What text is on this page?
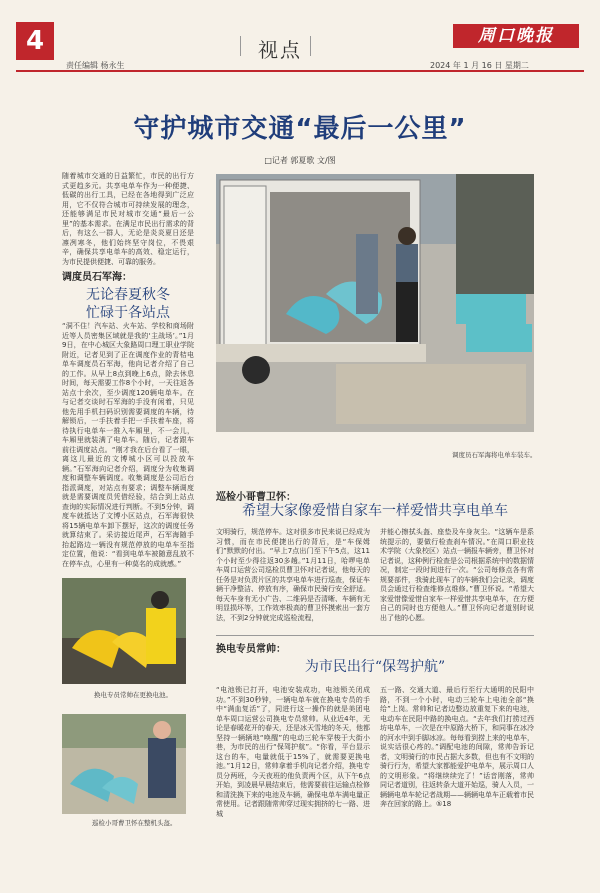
4	视点
周口晚报
责任编辑 杨永生	2024 年 1 月 16 日 星期二
守护城市交通“最后一公里”
□记者 郭夏歌 文/图

随着城市交通的日益繁忙，市民的出行方式更趋多元。共享电单车作为一种便捷、低碳的出行工具，已经在各地得到广泛应用，它不仅符合城市可持续发展的理念，还能够满足市民对城市交通“最后一公里”的基本需求。在满足市民出行需求的背后，有这么一群人，无论是炎炎夏日还是凛冽寒冬，他们始终坚守岗位，不畏艰辛，确保共享电单车的高效、稳定运行，为市民提供便捷、可靠的服务。

调度员石军海：
无论春夏秋冬
忙碌于各站点

“洞不住！汽车站、火车站、学校和商场附近等人员密集区域就是我的‘主战场’。”1月9日，在中心城区大象路周口理工职业学院附近，记者见到了正在调度作业的青桔电单车调度员石军海，他向记者介绍了自己的工作。从早上8点到晚上6点，除去休息时间，每天需要工作8个小时，一天往返各站点十余次，至少调度120辆电单车。在与记者交谈时石军海的手没有闲着，只见他先用手机扫码识别需要调度的车辆，待解锁后，一手扶着手把一手扶着车座，将待执行电单车一推入车厢里，不一会儿，车厢里就装满了电单车。随后，记者跟车前往调度站点。“刚才我在后台看了一眼，离这儿最近的文博城小区可以投放车辆。”石军海向记者介绍，调度分为收集调度和调整车辆调度。收集调度是公司后台指派调度，对站点有要求；调整车辆调度就是需要调度员凭借经验，结合到上站点查询的实际情况进行判断。不到5分钟，调度车就抵达了文博小区站点，石军海很快将15辆电单车卸下摆好，这次的调度任务就算结束了。采访接近尾声，石军海随手抬起路边一辆没有规范停放的电单车至指定位置，他说：“看到电单车被随意乱放不在停车点，心里有一种莫名的成就感。”

调度员石军海将电单车装车。
巡检小哥曹卫怀：
希望大家像爱惜自家车一样爱惜共享电单车

文明骑行，规范停车。这对很多市民来说已经成为习惯，而在市民便捷出行的背后，是“车保姆们”默默的付出。“早上7点出门至下午5点，这11个小时至少得往返30多趟。”1月11日，哈啰电单车周口运营公司巡检员曹卫怀对记者说，他每天的任务是对负责片区的共享电单车进行巡查，保证车辆干净整洁、停放有序，确保市民骑行安全舒适。每天车身有无小广告、二维码是否清晰、车辆有无明显损坏等，工作效率极高的曹卫怀摸索出一套方法，不到2分钟就完成巡检流程，

并能心擦拭头盔、座垫及车身灰尘。“这辆车是系统提示的，要做行检查刹车情况。”在周口职业技术学院（大象校区）站点一辆报车辆旁，曹卫怀对记者说，这种例行检查是公司根据系统中的数据情况，制定一段时间进行一次。“公司每修点各有常规要部件，我骑此现车了的车辆我们会记录，调度员会通过行检查维修点维修。”曹卫怀说。“希望大家爱惜像爱惜自家车一样爱惜共享电单车，在方便自己的同时也方便他人。”曹卫怀向记者道别时说出了他的心愿。

换电专员常帅：
为市民出行“保驾护航”

“电池锁已打开，电池安装成功，电池锁关闭成功。”不到30秒钟，一辆电单车就在换电专员的手中“满血复活”了，同进行这一操作的就是美团电单车周口运营公司换电专员常帅。从业近4年，无论是春暖花开的春天，还是冰天雪地的冬天，他都坚持一辆辆地“唤醒”的电动三轮车穿梭于大街小巷，为市民的出行“保驾护航”。“你看，平台显示这台的车，电量就低于15%了，就需要更换电池。”1月12日，常帅拿着手机向记者介绍，换电专员分两班，今天夜班的他负责两个区，从下午6点开始，到凌晨早晨结束后，他需要前往运输点检修和清洗换下来的电池及车辆，确保电单车满电量正常使用。记者跟随常帅穿过现实拥挤的七一路、进城

五一路、交通大道、最后行至行大通明的民阳中路，不到一个小时，电动三轮车上电池全部“换给”上岗。常帅和记者边整边放重复下来的电池，电动车在民阳中路的换电点。“去年我们打捞过西坊电单车，一次是在中原路大桥下，和同事在冰冷的河水中到手脚冰凉。每每看到捞上来的电单车，说实话很心疼的。”调配电池的间隙，常帅告诉记者，文明骑行的市民占据大多数，但也有不文明的骑行行为，希望大家都能爱护电单车，展示周口人的文明形象。“将继续续完了！”话音刚落，常帅同记者道别，往返转条大道开始巡，骑人入员，一辆辆电单车轮记者战期——辆辆电单车正载着市民奔在回家的路上。⑤18

换电专员常帅在更换电池。
巡检小哥曹卫怀在整机头盔。
